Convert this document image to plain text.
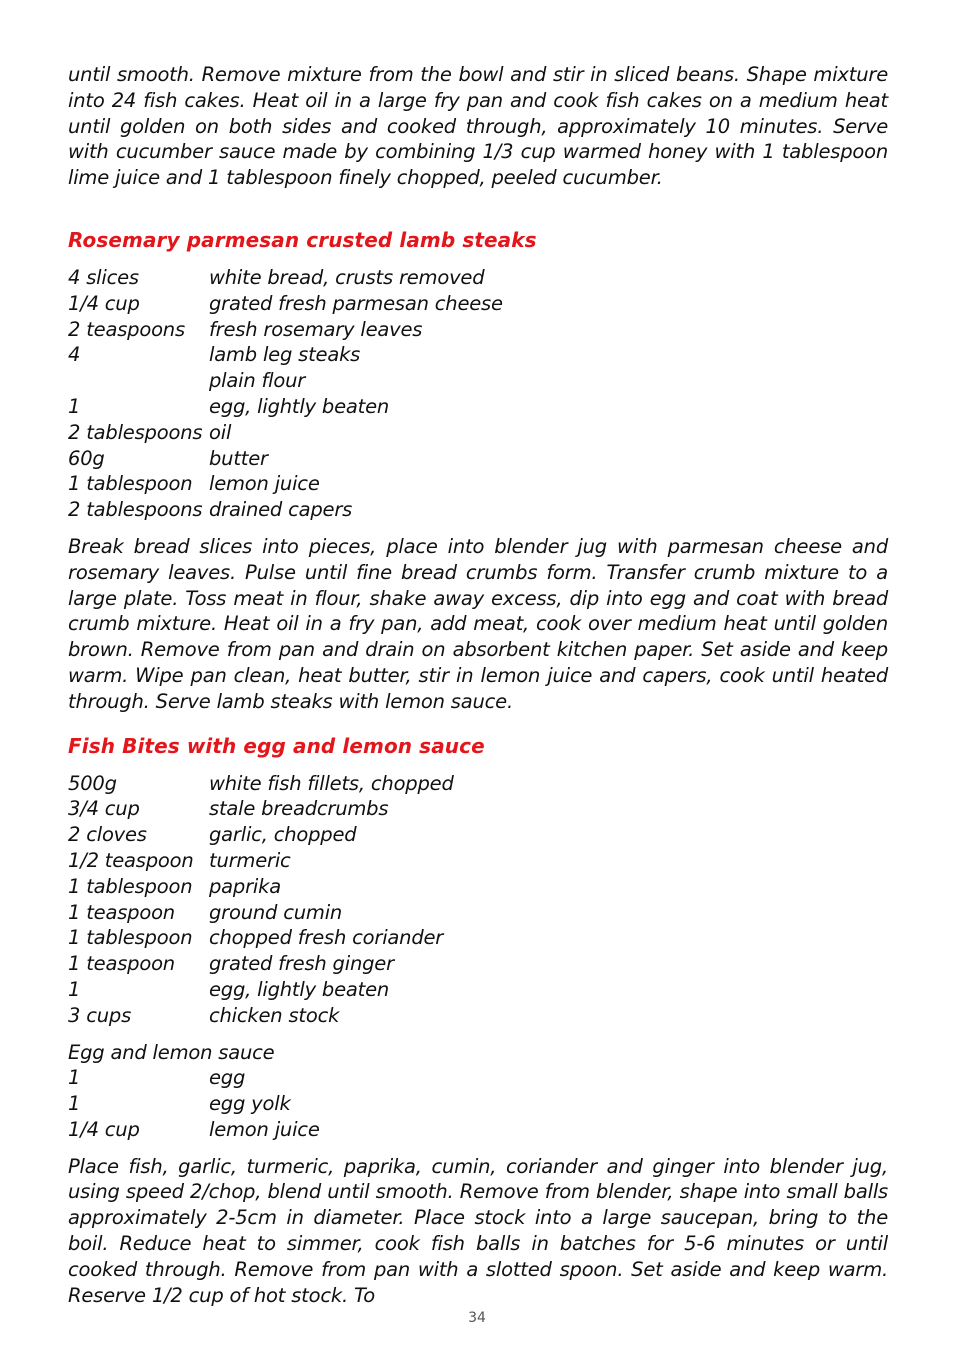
until smooth. Remove mixture from the bowl and stir in sliced beans. Shape mixture into 24 fish cakes. Heat oil in a large fry pan and cook fish cakes on a medium heat until golden on both sides and cooked through, approximately 10 minutes. Serve with cucumber sauce made by combining 1/3 cup warmed honey with 1 tablespoon lime juice and 1 tablespoon finely chopped, peeled cucumber.

Rosemary parmesan crusted lamb steaks
4 slices	white bread, crusts removed
1/4 cup	grated fresh parmesan cheese
2 teaspoons	fresh rosemary leaves
4	lamb leg steaks
plain flour
1	egg, lightly beaten
2 tablespoons oil
60g	butter
1 tablespoon lemon juice
2 tablespoons drained capers

Break bread slices into pieces, place into blender jug with parmesan cheese and rosemary leaves. Pulse until fine bread crumbs form. Transfer crumb mixture to a large plate. Toss meat in flour, shake away excess, dip into egg and coat with bread crumb mixture. Heat oil in a fry pan, add meat, cook over medium heat until golden brown. Remove from pan and drain on absorbent kitchen paper. Set aside and keep warm. Wipe pan clean, heat butter, stir in lemon juice and capers, cook until heated through. Serve lamb steaks with lemon sauce.

Fish Bites with egg and lemon sauce
500g	white fish fillets, chopped
3/4 cup	stale breadcrumbs
2 cloves	garlic, chopped
1/2 teaspoon turmeric
1 tablespoon paprika
1 teaspoon	ground cumin
1 tablespoon chopped fresh coriander
1 teaspoon	grated fresh ginger
1	egg, lightly beaten
3 cups	chicken stock

Egg and lemon sauce

1	egg
1	egg yolk
1/4 cup	lemon juice

Place fish, garlic, turmeric, paprika, cumin, coriander and ginger into blender jug, using speed 2/chop, blend until smooth. Remove from blender, shape into small balls approximately 2-5cm in diameter. Place stock into a large saucepan, bring to the boil. Reduce heat to simmer, cook fish balls in batches for 5-6 minutes or until cooked through. Remove from pan with a slotted spoon. Set aside and keep warm. Reserve 1/2 cup of hot stock. To

34
